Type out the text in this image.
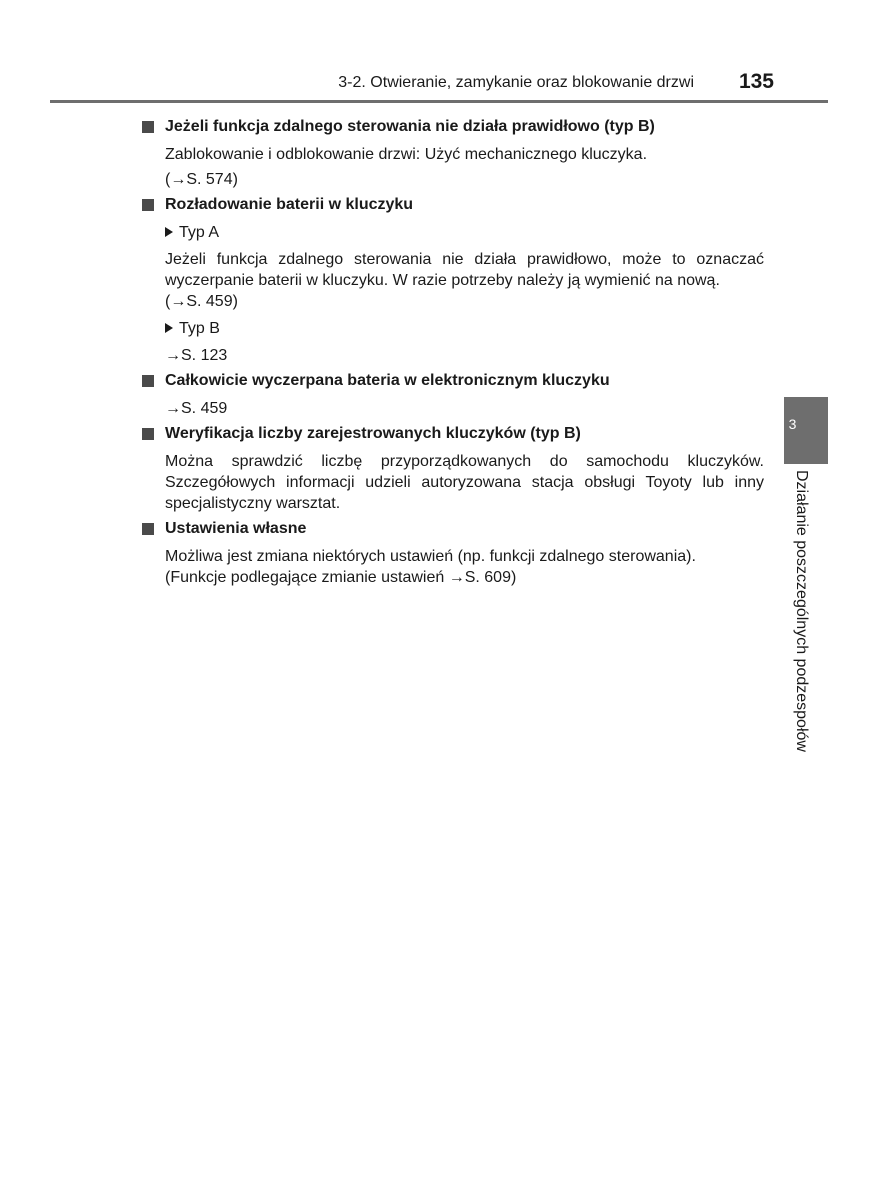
3-2. Otwieranie, zamykanie oraz blokowanie drzwi 135
Jeżeli funkcja zdalnego sterowania nie działa prawidłowo (typ B)
Zablokowanie i odblokowanie drzwi: Użyć mechanicznego kluczyka.
(→S. 574)
Rozładowanie baterii w kluczyku
Typ A
Jeżeli funkcja zdalnego sterowania nie działa prawidłowo, może to oznaczać wyczerpanie baterii w kluczyku. W razie potrzeby należy ją wymienić na nową.
(→S. 459)
Typ B
→S. 123
Całkowicie wyczerpana bateria w elektronicznym kluczyku
→S. 459
Weryfikacja liczby zarejestrowanych kluczyków (typ B)
Można sprawdzić liczbę przyporządkowanych do samochodu kluczyków. Szczegółowych informacji udzieli autoryzowana stacja obsługi Toyoty lub inny specjalistyczny warsztat.
Ustawienia własne
Możliwa jest zmiana niektórych ustawień (np. funkcji zdalnego sterowania).
(Funkcje podlegające zmianie ustawień →S. 609)
3
Działanie poszczególnych podzespołów
